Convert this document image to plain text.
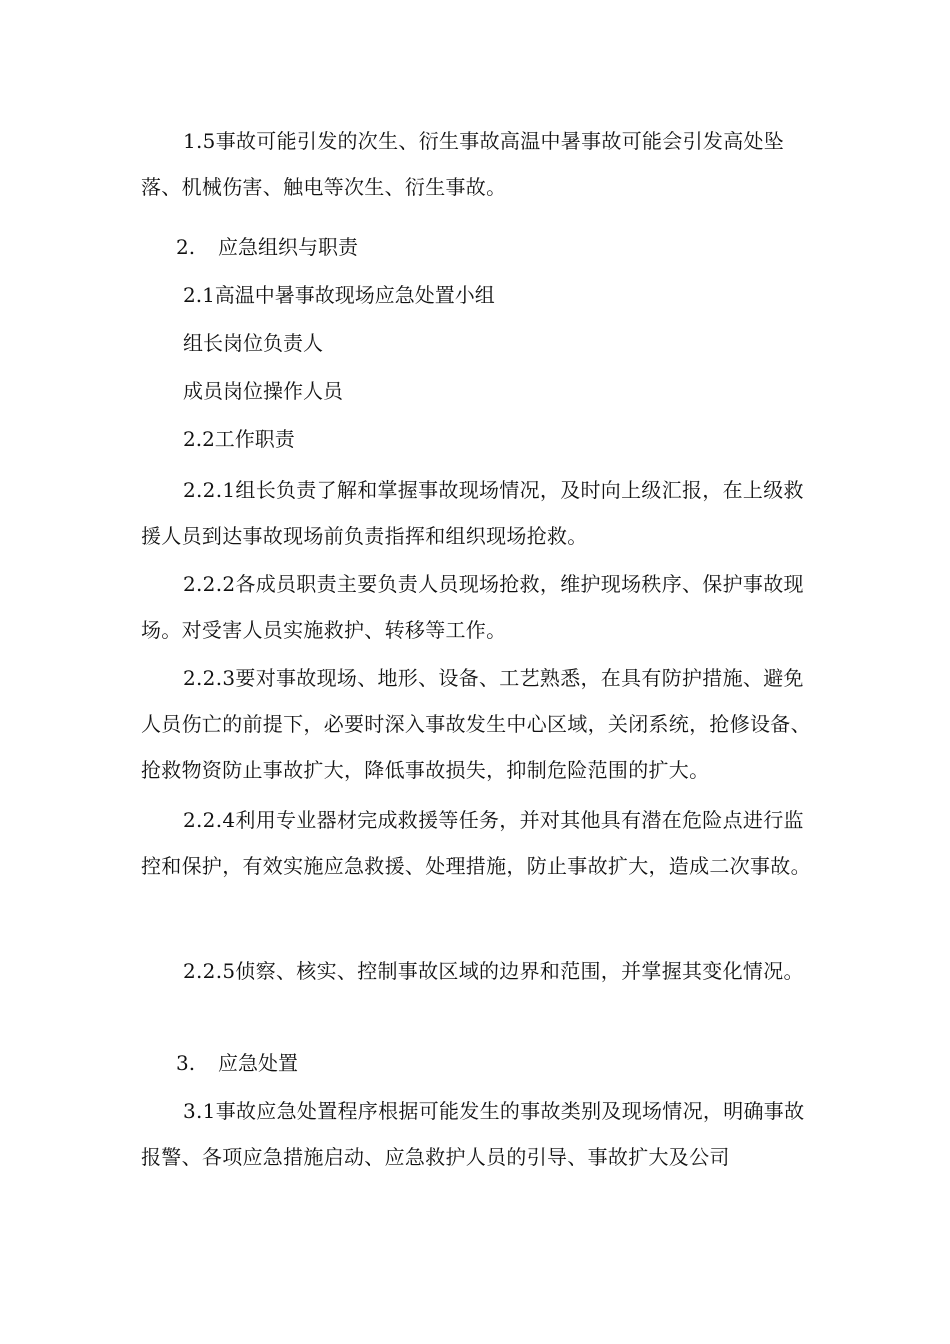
1.5事故可能引发的次生、衍生事故高温中暑事故可能会引发高处坠落、机械伤害、触电等次生、衍生事故。

2. 应急组织与职责

2.1高温中暑事故现场应急处置小组

组长岗位负责人

成员岗位操作人员

2.2工作职责

2.2.1组长负责了解和掌握事故现场情况，及时向上级汇报，在上级救援人员到达事故现场前负责指挥和组织现场抢救。

2.2.2各成员职责主要负责人员现场抢救，维护现场秩序、保护事故现场。对受害人员实施救护、转移等工作。

2.2.3要对事故现场、地形、设备、工艺熟悉，在具有防护措施、避免人员伤亡的前提下，必要时深入事故发生中心区域，关闭系统，抢修设备、抢救物资防止事故扩大，降低事故损失，抑制危险范围的扩大。

2.2.4利用专业器材完成救援等任务，并对其他具有潜在危险点进行监控和保护，有效实施应急救援、处理措施，防止事故扩大，造成二次事故。

2.2.5侦察、核实、控制事故区域的边界和范围，并掌握其变化情况。

3. 应急处置

3.1事故应急处置程序根据可能发生的事故类别及现场情况，明确事故报警、各项应急措施启动、应急救护人员的引导、事故扩大及公司
